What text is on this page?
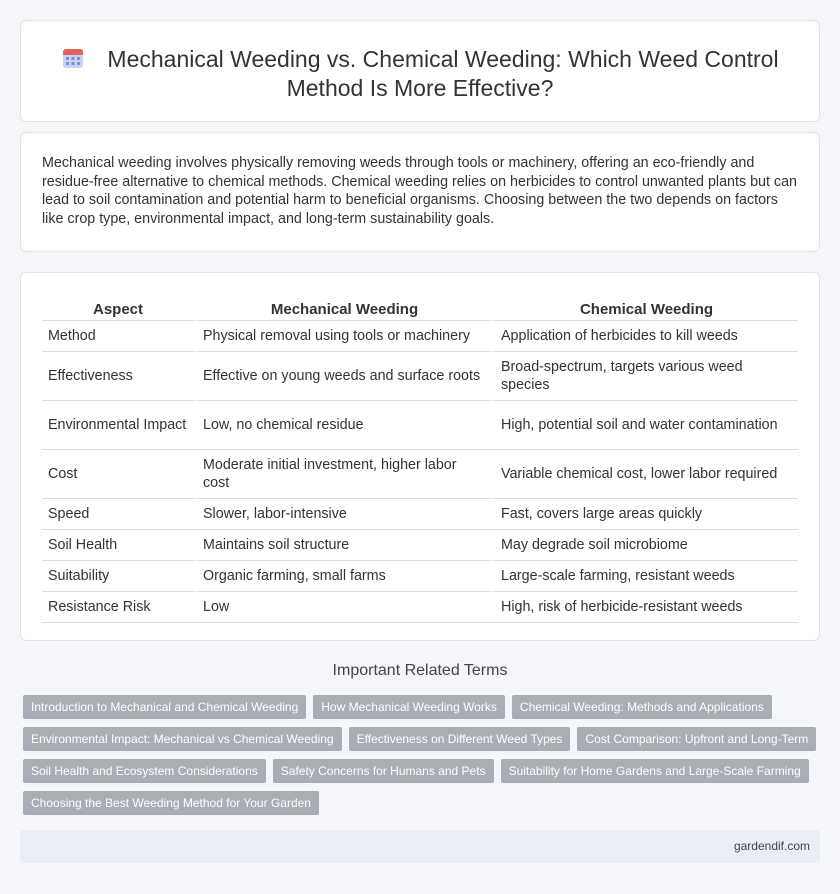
Mechanical Weeding vs. Chemical Weeding: Which Weed Control Method Is More Effective?

Mechanical weeding involves physically removing weeds through tools or machinery, offering an eco-friendly and residue-free alternative to chemical methods. Chemical weeding relies on herbicides to control unwanted plants but can lead to soil contamination and potential harm to beneficial organisms. Choosing between the two depends on factors like crop type, environmental impact, and long-term sustainability goals.

Aspect	Mechanical Weeding	Chemical Weeding
Method	Physical removal using tools or machinery	Application of herbicides to kill weeds
Effectiveness	Effective on young weeds and surface roots	Broad-spectrum, targets various weed species
Environmental Impact	Low, no chemical residue	High, potential soil and water contamination
Cost	Moderate initial investment, higher labor cost	Variable chemical cost, lower labor required
Speed	Slower, labor-intensive	Fast, covers large areas quickly
Soil Health	Maintains soil structure	May degrade soil microbiome
Suitability	Organic farming, small farms	Large-scale farming, resistant weeds
Resistance Risk	Low	High, risk of herbicide-resistant weeds
Important Related Terms
Introduction to Mechanical and Chemical Weeding	How Mechanical Weeding Works	Chemical Weeding: Methods and Applications
Environmental Impact: Mechanical vs Chemical Weeding	Effectiveness on Different Weed Types	Cost Comparison: Upfront and Long-Term
Soil Health and Ecosystem Considerations	Safety Concerns for Humans and Pets	Suitability for Home Gardens and Large-Scale Farming
Choosing the Best Weeding Method for Your Garden
gardendif.com
